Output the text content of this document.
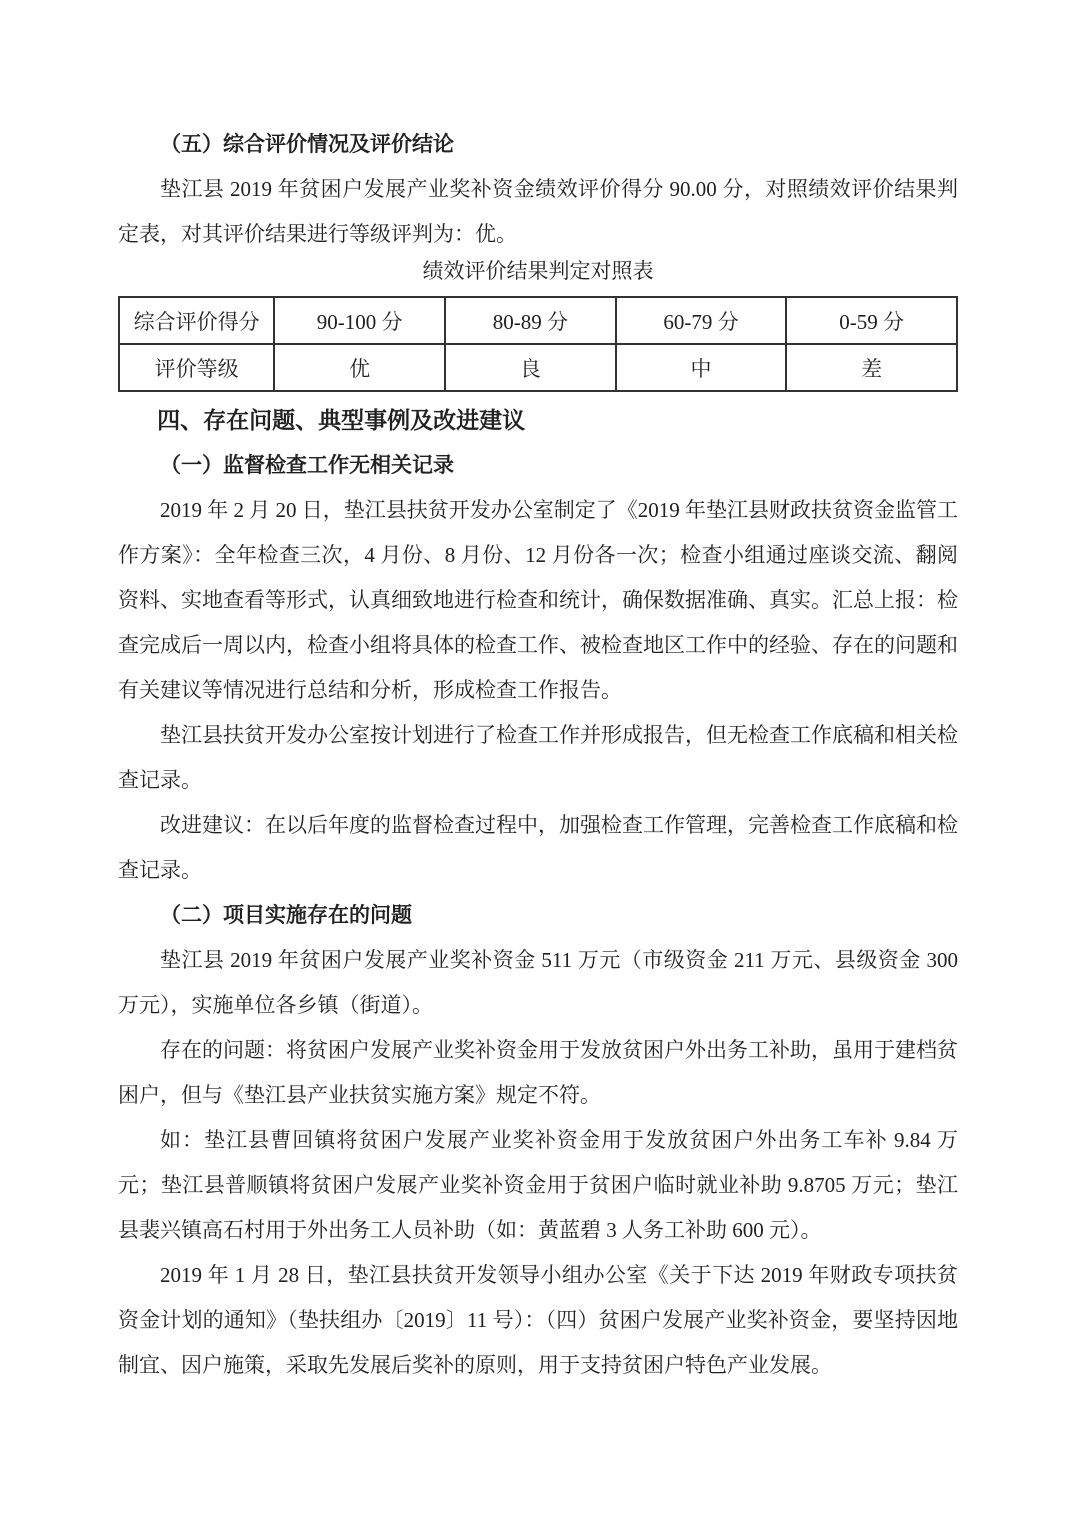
（五）综合评价情况及评价结论

垫江县 2019 年贫困户发展产业奖补资金绩效评价得分 90.00 分，对照绩效评价结果判定表，对其评价结果进行等级评判为：优。

绩效评价结果判定对照表
综合评价得分	90-100 分	80-89 分	60-79 分	0-59 分
评价等级	优	良	中	差
四、存在问题、典型事例及改进建议
（一）监督检查工作无相关记录

2019 年 2 月 20 日，垫江县扶贫开发办公室制定了《2019 年垫江县财政扶贫资金监管工作方案》：全年检查三次，4 月份、8 月份、12 月份各一次；检查小组通过座谈交流、翻阅资料、实地查看等形式，认真细致地进行检查和统计，确保数据准确、真实。汇总上报：检查完成后一周以内，检查小组将具体的检查工作、被检查地区工作中的经验、存在的问题和有关建议等情况进行总结和分析，形成检查工作报告。

垫江县扶贫开发办公室按计划进行了检查工作并形成报告，但无检查工作底稿和相关检查记录。

改进建议：在以后年度的监督检查过程中，加强检查工作管理，完善检查工作底稿和检查记录。

（二）项目实施存在的问题

垫江县 2019 年贫困户发展产业奖补资金 511 万元（市级资金 211 万元、县级资金 300 万元），实施单位各乡镇（街道）。

存在的问题：将贫困户发展产业奖补资金用于发放贫困户外出务工补助，虽用于建档贫困户，但与《垫江县产业扶贫实施方案》规定不符。

如：垫江县曹回镇将贫困户发展产业奖补资金用于发放贫困户外出务工车补 9.84 万元；垫江县普顺镇将贫困户发展产业奖补资金用于贫困户临时就业补助 9.8705 万元；垫江县裴兴镇高石村用于外出务工人员补助（如：黄蓝碧 3 人务工补助 600 元）。

2019 年 1 月 28 日，垫江县扶贫开发领导小组办公室《关于下达 2019 年财政专项扶贫资金计划的通知》（垫扶组办〔2019〕11 号）：（四）贫困户发展产业奖补资金，要坚持因地制宜、因户施策，采取先发展后奖补的原则，用于支持贫困户特色产业发展。
